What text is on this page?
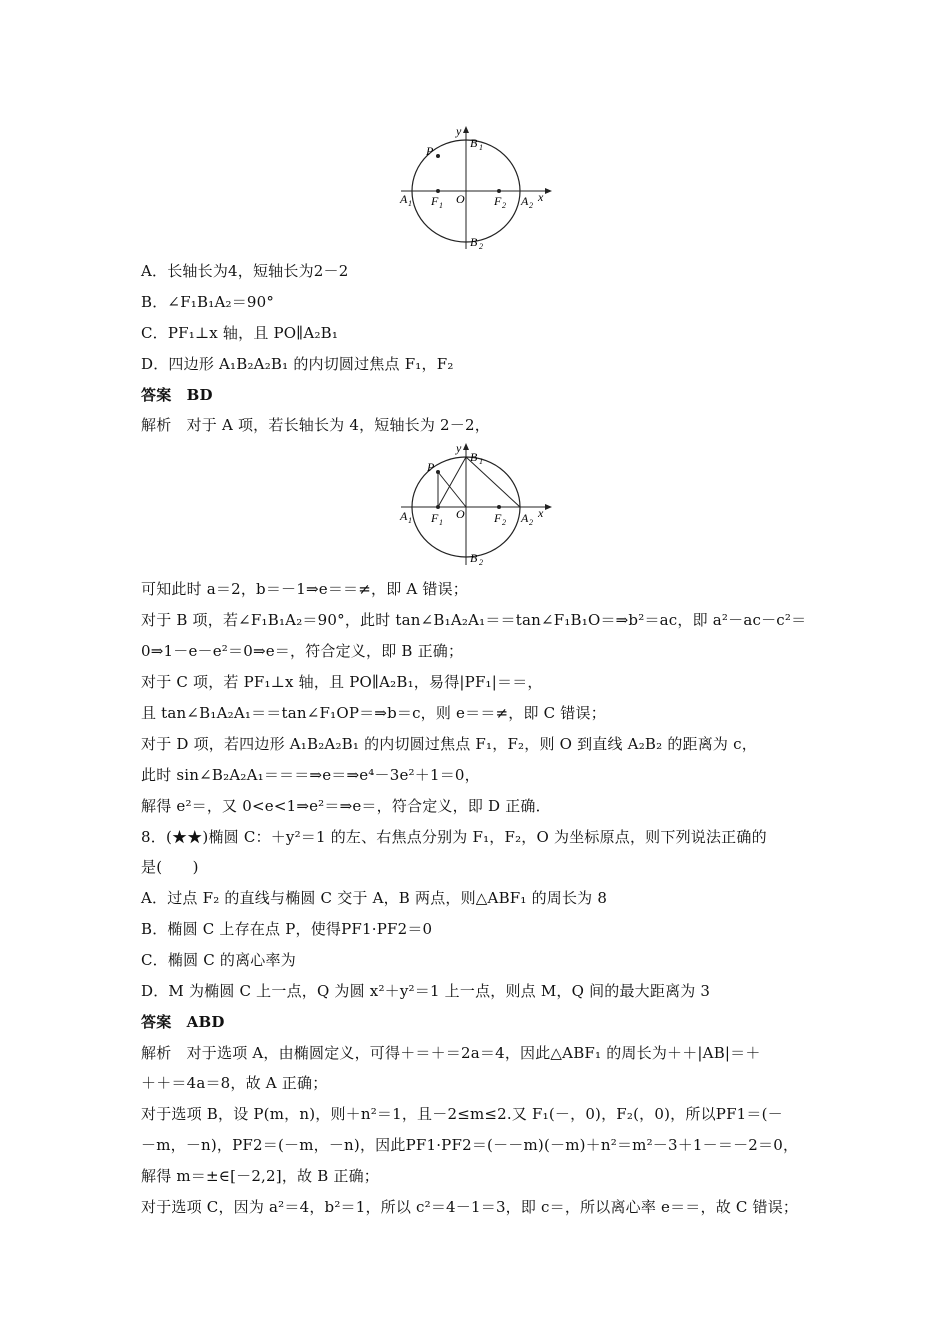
y
P
B 1
A 1 F 1 O F 2 A 2
x
B 2
y
P
B 1
A 1 F 1
O F 2 A 2
x
B 2
A．长轴长为4，短轴长为2－2
B．∠F₁B₁A₂＝90°
C．PF₁⊥x 轴，且 PO∥A₂B₁
D．四边形 A₁B₂A₂B₁ 的内切圆过焦点 F₁，F₂
答案　BD
解析　对于 A 项，若长轴长为 4，短轴长为 2－2，
可知此时 a＝2，b＝－1⇒e＝＝≠，即 A 错误；
对于 B 项，若∠F₁B₁A₂＝90°，此时 tan∠B₁A₂A₁＝＝tan∠F₁B₁O＝⇒b²＝ac，即 a²－ac－c²＝
0⇒1－e－e²＝0⇒e＝，符合定义，即 B 正确；
对于 C 项，若 PF₁⊥x 轴，且 PO∥A₂B₁，易得|PF₁|＝＝，
且 tan∠B₁A₂A₁＝＝tan∠F₁OP＝⇒b＝c，则 e＝＝≠，即 C 错误；
对于 D 项，若四边形 A₁B₂A₂B₁ 的内切圆过焦点 F₁，F₂，则 O 到直线 A₂B₂ 的距离为 c，
此时 sin∠B₂A₂A₁＝＝＝⇒e＝⇒e⁴－3e²＋1＝0，
解得 e²＝，又 0<e<1⇒e²＝⇒e＝，符合定义，即 D 正确．
8．(★★)椭圆 C：＋y²＝1 的左、右焦点分别为 F₁，F₂，O 为坐标原点，则下列说法正确的
是(　　)
A．过点 F₂ 的直线与椭圆 C 交于 A，B 两点，则△ABF₁ 的周长为 8
B．椭圆 C 上存在点 P，使得PF1·PF2＝0
C．椭圆 C 的离心率为
D．M 为椭圆 C 上一点，Q 为圆 x²＋y²＝1 上一点，则点 M，Q 间的最大距离为 3
答案　ABD
解析　对于选项 A，由椭圆定义，可得＋＝＋＝2a＝4，因此△ABF₁ 的周长为＋＋|AB|＝＋
＋＋＝4a＝8，故 A 正确；
对于选项 B，设 P(m，n)，则＋n²＝1，且－2≤m≤2.又 F₁(－，0)，F₂(，0)，所以PF1＝(－
－m，－n)，PF2＝(－m，－n)，因此PF1·PF2＝(－－m)(－m)＋n²＝m²－3＋1－＝－2＝0，
解得 m＝±∈[－2,2]，故 B 正确；
对于选项 C，因为 a²＝4，b²＝1，所以 c²＝4－1＝3，即 c＝，所以离心率 e＝＝，故 C 错误；
